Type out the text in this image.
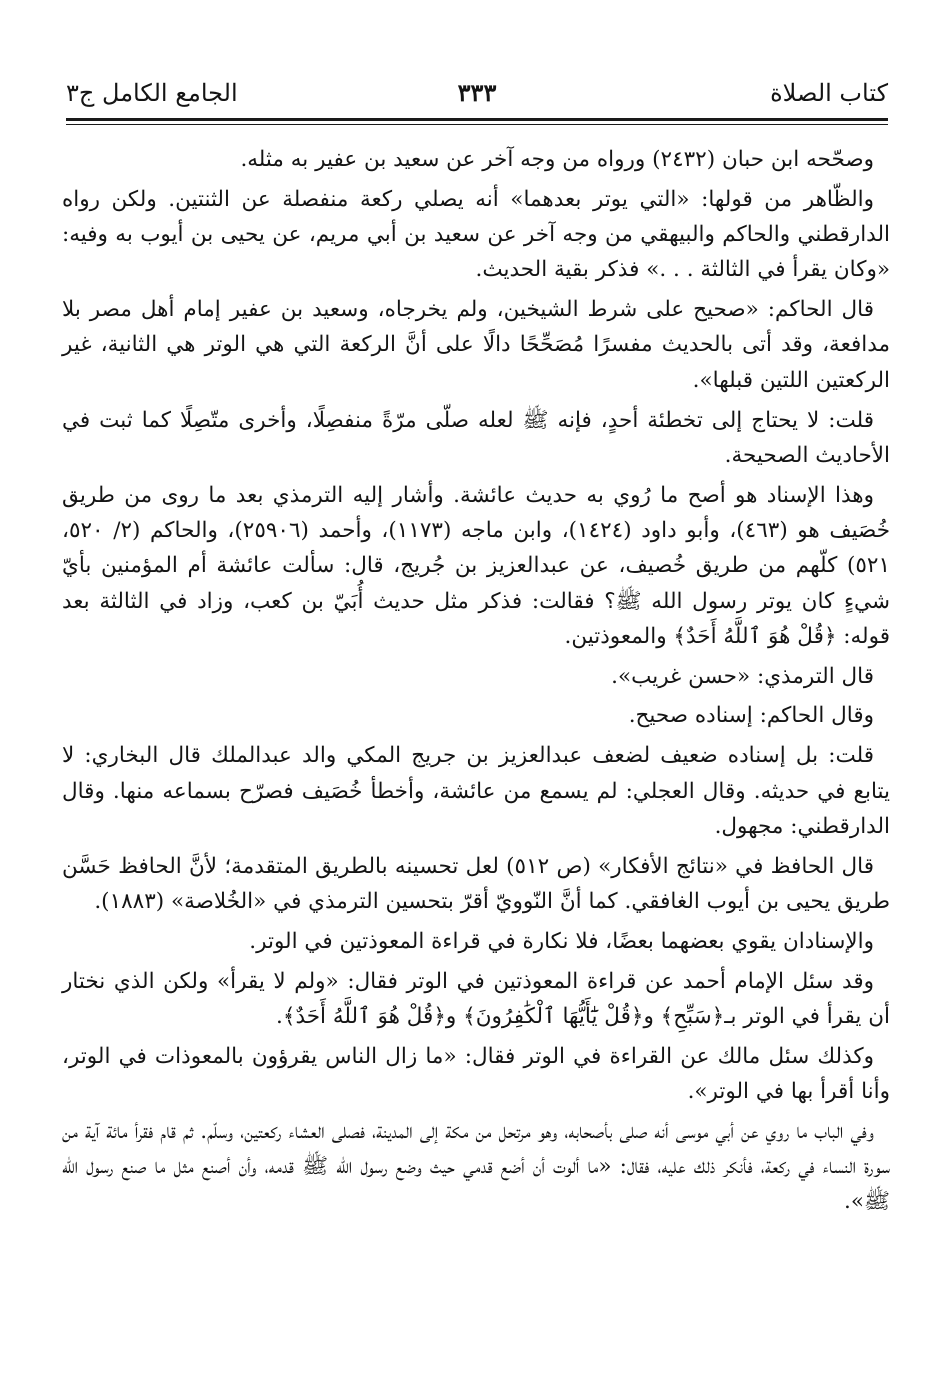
كتاب الصلاة
٣٣٣
الجامع الكامل ج٣

وصحّحه ابن حبان (٢٤٣٢) ورواه من وجه آخر عن سعيد بن عفير به مثله.

والظّاهر من قولها: «التي يوتر بعدهما» أنه يصلي ركعة منفصلة عن الثنتين. ولكن رواه الدارقطني والحاكم والبيهقي من وجه آخر عن سعيد بن أبي مريم، عن يحيى بن أيوب به وفيه: «وكان يقرأ في الثالثة . . .» فذكر بقية الحديث.

قال الحاكم: «صحيح على شرط الشيخين، ولم يخرجاه، وسعيد بن عفير إمام أهل مصر بلا مدافعة، وقد أتى بالحديث مفسرًا مُصَحِّحًا دالًا على أنَّ الركعة التي هي الوتر هي الثانية، غير الركعتين اللتين قبلها».

قلت: لا يحتاج إلى تخطئة أحدٍ، فإنه ﷺ لعله صلّى مرّةً منفصِلًا، وأخرى متّصِلًا كما ثبت في الأحاديث الصحيحة.

وهذا الإسناد هو أصح ما رُوي به حديث عائشة. وأشار إليه الترمذي بعد ما روى من طريق خُصَيف هو (٤٦٣)، وأبو داود (١٤٢٤)، وابن ماجه (١١٧٣)، وأحمد (٢٥٩٠٦)، والحاكم (٢/ ٥٢٠، ٥٢١) كلّهم من طريق خُصيف، عن عبدالعزيز بن جُريج، قال: سألت عائشة أم المؤمنين بأيّ شيءٍ كان يوتر رسول الله ﷺ؟ فقالت: فذكر مثل حديث أُبَيّ بن كعب، وزاد في الثالثة بعد قوله: ﴿قُلْ هُوَ ٱللَّهُ أَحَدٌ﴾ والمعوذتين.

قال الترمذي: «حسن غريب».

وقال الحاكم: إسناده صحيح.

قلت: بل إسناده ضعيف لضعف عبدالعزيز بن جريج المكي والد عبدالملك قال البخاري: لا يتابع في حديثه. وقال العجلي: لم يسمع من عائشة، وأخطأ خُصَيف فصرّح بسماعه منها. وقال الدارقطني: مجهول.

قال الحافظ في «نتائج الأفكار» (ص ٥١٢) لعل تحسينه بالطريق المتقدمة؛ لأنَّ الحافظ حَسَّن طريق يحيى بن أيوب الغافقي. كما أنَّ النّوويّ أقرّ بتحسين الترمذي في «الخُلاصة» (١٨٨٣).

والإسنادان يقوي بعضهما بعضًا، فلا نكارة في قراءة المعوذتين في الوتر.

وقد سئل الإمام أحمد عن قراءة المعوذتين في الوتر فقال: «ولم لا يقرأ» ولكن الذي نختار أن يقرأ في الوتر بـ﴿سَبِّحِ﴾ و﴿قُلْ يَٰٓأَيُّهَا ٱلْكَٰفِرُونَ﴾ و﴿قُلْ هُوَ ٱللَّهُ أَحَدٌ﴾.

وكذلك سئل مالك عن القراءة في الوتر فقال: «ما زال الناس يقرؤون بالمعوذات في الوتر، وأنا أقرأ بها في الوتر».

وفي الباب ما روي عن أبي موسى أنه صلى بأصحابه، وهو مرتحل من مكة إلى المدينة، فصلى العشاء ركعتين، وسلّم. ثم قام فقرأ مائة آية من سورة النساء في ركعة، فأنكر ذلك عليه، فقال: «ما ألوت أن أضع قدمي حيث وضع رسول الله ﷺ قدمه، وأن أصنع مثل ما صنع رسول الله ﷺ».
